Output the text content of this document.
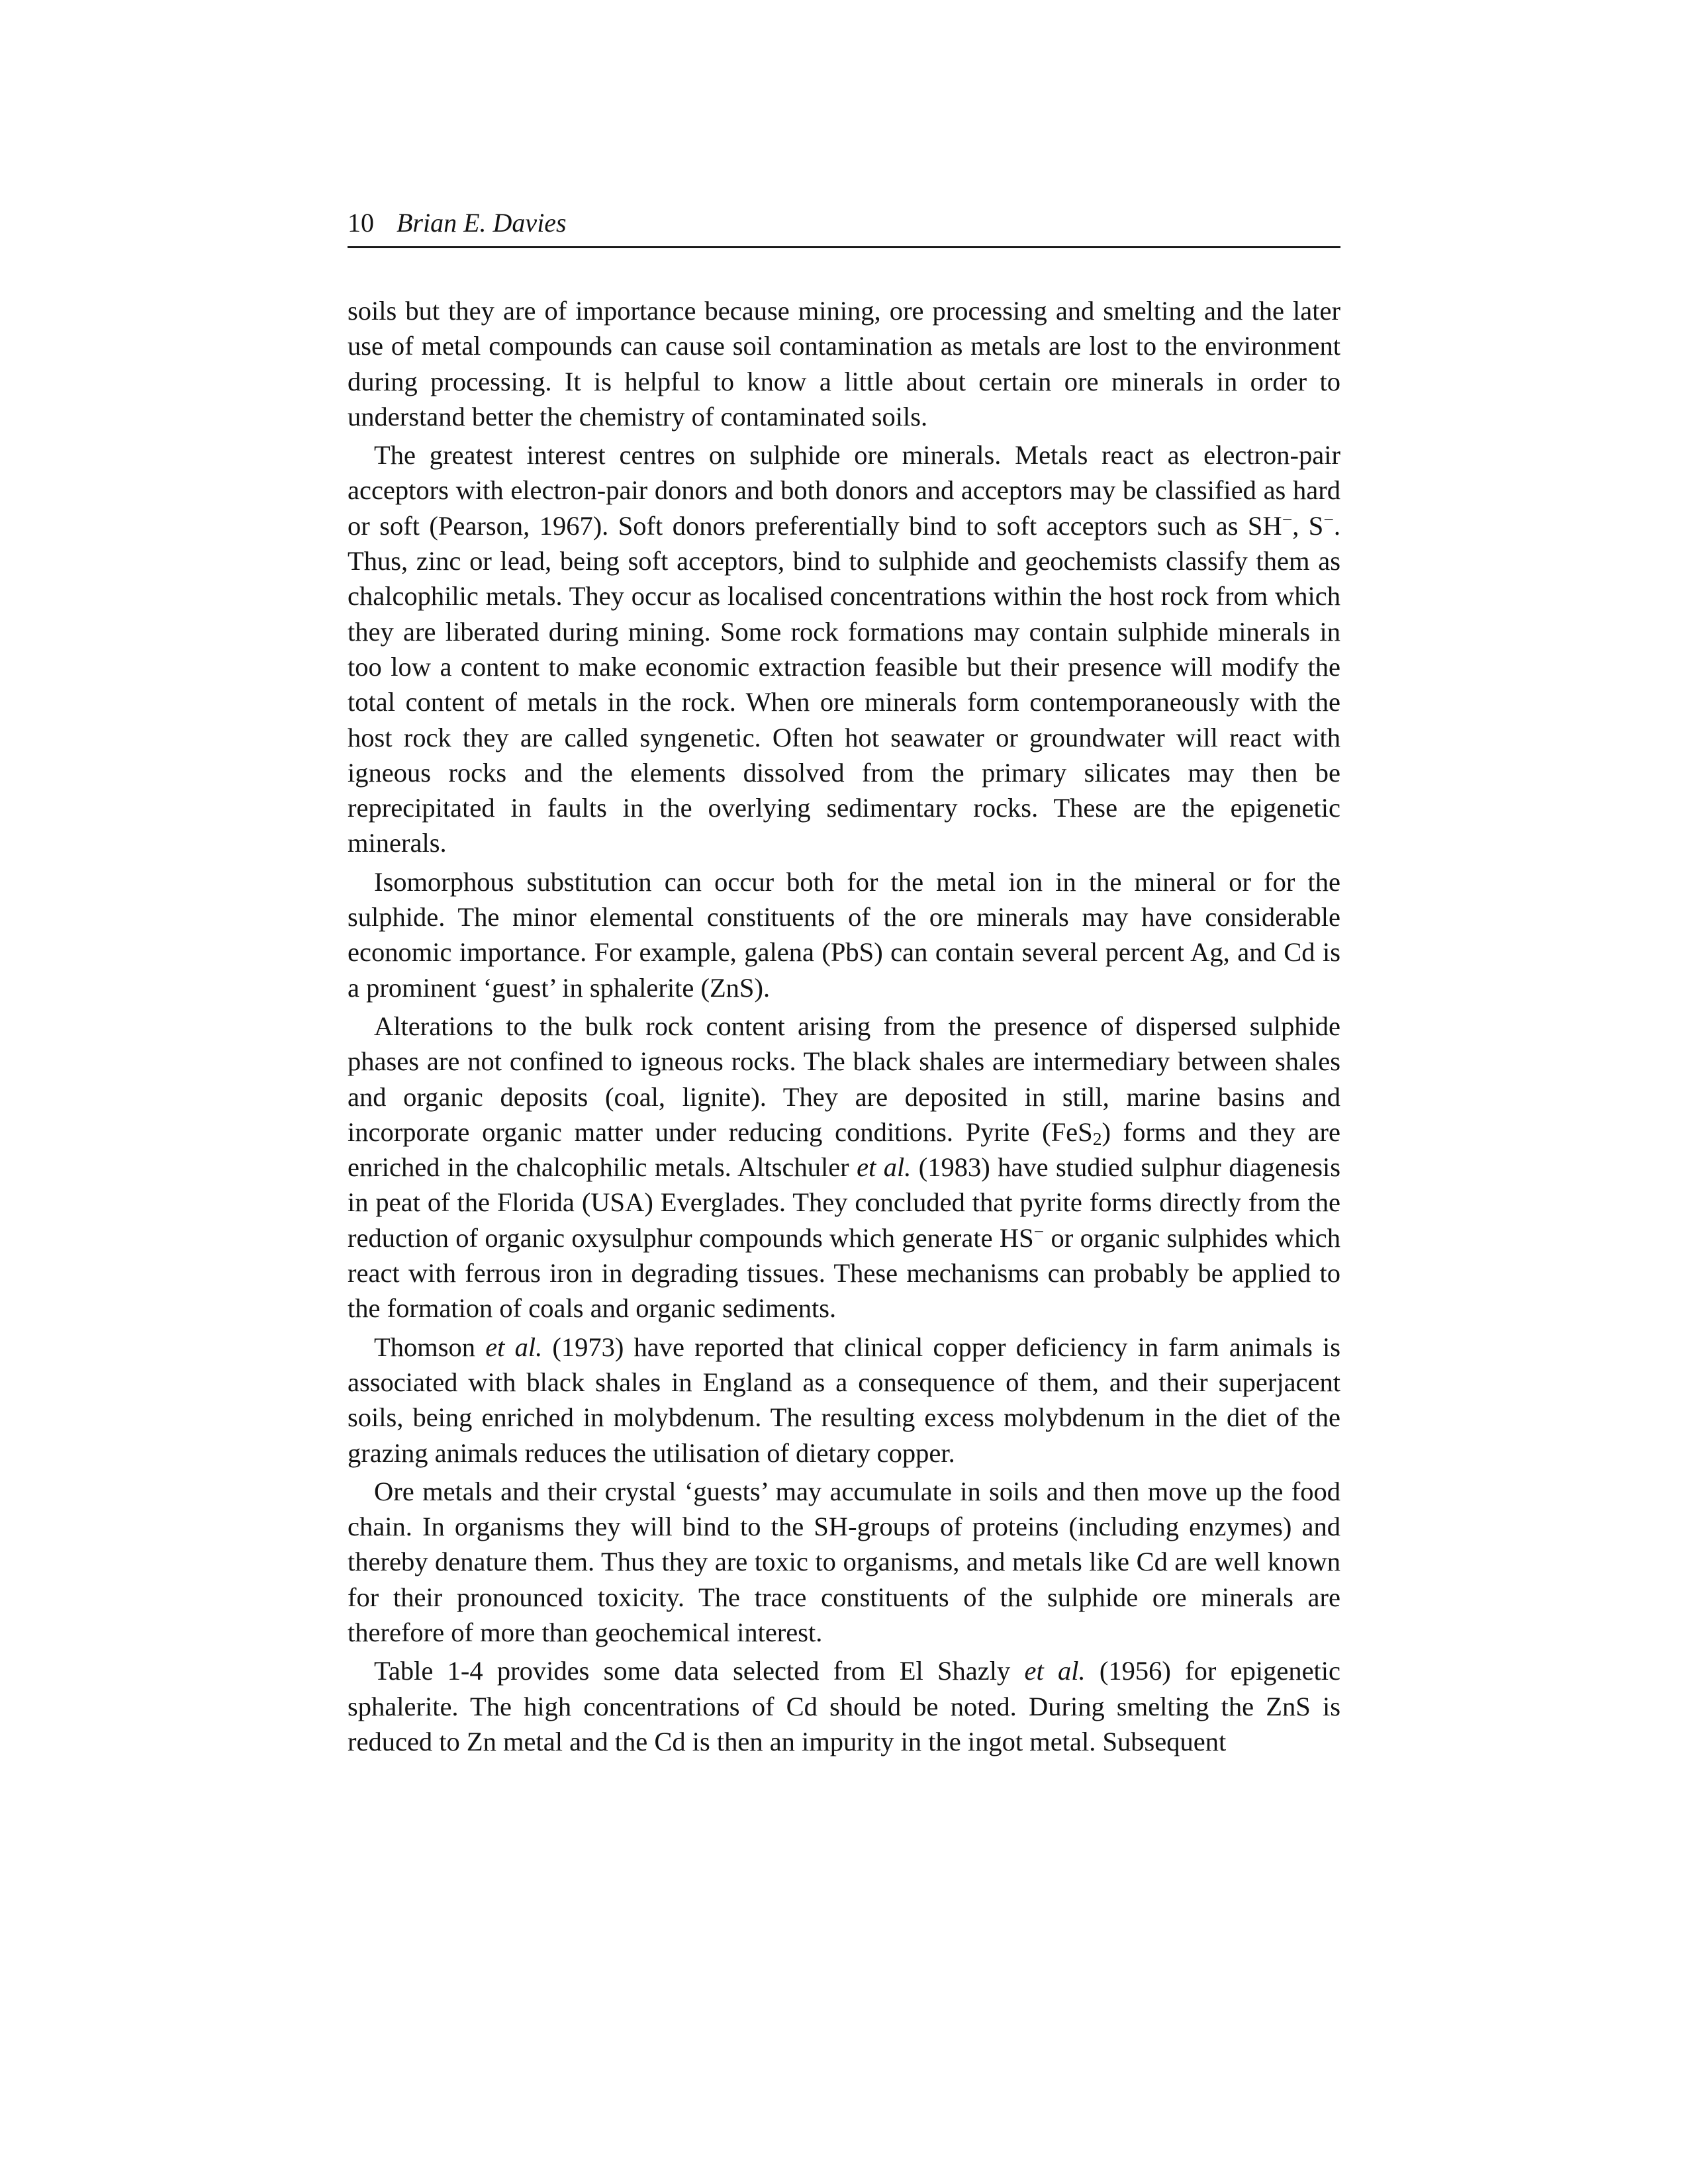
10 Brian E. Davies

soils but they are of importance because mining, ore processing and smelting and the later use of metal compounds can cause soil contamination as metals are lost to the environment during processing. It is helpful to know a little about certain ore minerals in order to understand better the chemistry of contaminated soils.

The greatest interest centres on sulphide ore minerals. Metals react as electron-pair acceptors with electron-pair donors and both donors and acceptors may be classified as hard or soft (Pearson, 1967). Soft donors preferentially bind to soft acceptors such as SH−, S−. Thus, zinc or lead, being soft acceptors, bind to sulphide and geochemists classify them as chalcophilic metals. They occur as localised concentrations within the host rock from which they are liberated during mining. Some rock formations may contain sulphide minerals in too low a content to make economic extraction feasible but their presence will modify the total content of metals in the rock. When ore minerals form contemporaneously with the host rock they are called syngenetic. Often hot seawater or groundwater will react with igneous rocks and the elements dissolved from the primary silicates may then be reprecipitated in faults in the overlying sedimentary rocks. These are the epigenetic minerals.

Isomorphous substitution can occur both for the metal ion in the mineral or for the sulphide. The minor elemental constituents of the ore minerals may have considerable economic importance. For example, galena (PbS) can contain several percent Ag, and Cd is a prominent ‘guest’ in sphalerite (ZnS).

Alterations to the bulk rock content arising from the presence of dispersed sulphide phases are not confined to igneous rocks. The black shales are intermediary between shales and organic deposits (coal, lignite). They are deposited in still, marine basins and incorporate organic matter under reducing conditions. Pyrite (FeS$_2$) forms and they are enriched in the chalcophilic metals. Altschuler et al. (1983) have studied sulphur diagenesis in peat of the Florida (USA) Everglades. They concluded that pyrite forms directly from the reduction of organic oxysulphur compounds which generate HS− or organic sulphides which react with ferrous iron in degrading tissues. These mechanisms can probably be applied to the formation of coals and organic sediments.

Thomson et al. (1973) have reported that clinical copper deficiency in farm animals is associated with black shales in England as a consequence of them, and their superjacent soils, being enriched in molybdenum. The resulting excess molybdenum in the diet of the grazing animals reduces the utilisation of dietary copper.

Ore metals and their crystal ‘guests’ may accumulate in soils and then move up the food chain. In organisms they will bind to the SH-groups of proteins (including enzymes) and thereby denature them. Thus they are toxic to organisms, and metals like Cd are well known for their pronounced toxicity. The trace constituents of the sulphide ore minerals are therefore of more than geochemical interest.

Table 1-4 provides some data selected from El Shazly et al. (1956) for epigenetic sphalerite. The high concentrations of Cd should be noted. During smelting the ZnS is reduced to Zn metal and the Cd is then an impurity in the ingot metal. Subsequent
